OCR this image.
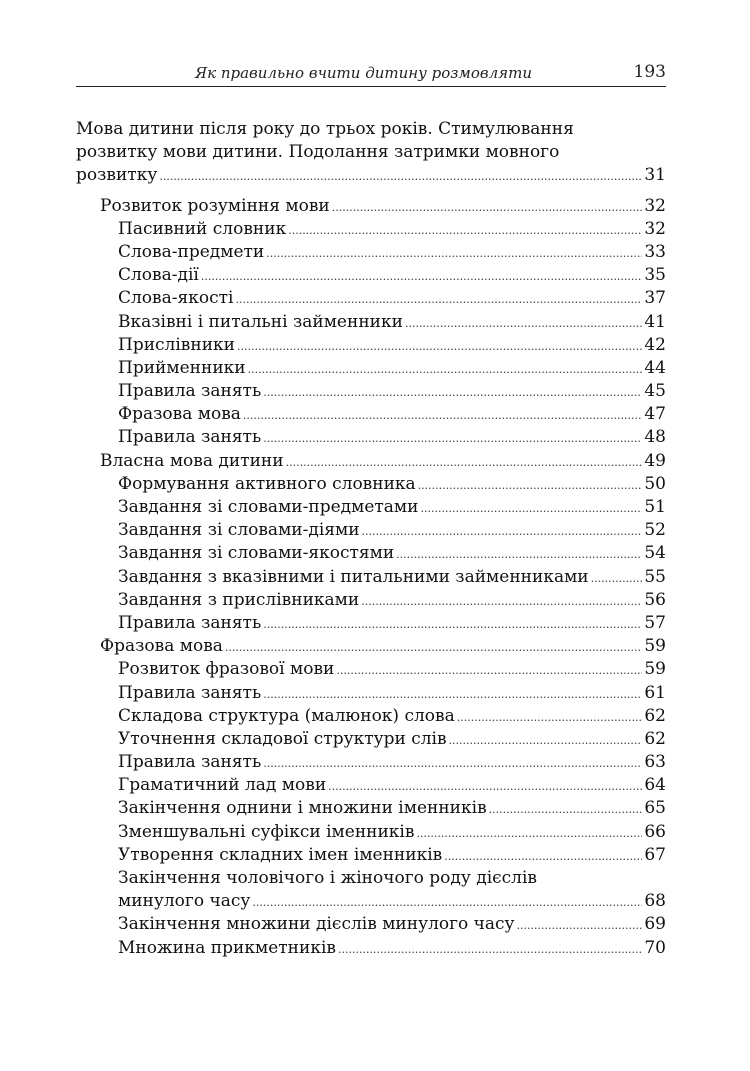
Як правильно вчити дитину розмовляти	193
Мова дитини після року до трьох років. Стимулювання
розвитку мови дитини. Подолання затримки мовного
розвитку .....	31
Розвиток розуміння мови .....	32
Пасивний словник .....	32
Слова-предмети .....	33
Слова-дії .....	35
Слова-якості .....	37
Вказівні і питальні займенники .....	41
Прислівники .....	42
Прийменники .....	44
Правила занять .....	45
Фразова мова .....	47
Правила занять .....	48
Власна мова дитини .....	49
Формування активного словника .....	50
Завдання зі словами-предметами .....	51
Завдання зі словами-діями .....	52
Завдання зі словами-якостями .....	54
Завдання з вказівними і питальними займенниками .....	55
Завдання з прислівниками .....	56
Правила занять .....	57
Фразова мова .....	59
Розвиток фразової мови .....	59
Правила занять .....	61
Складова структура (малюнок) слова .....	62
Уточнення складової структури слів .....	62
Правила занять .....	63
Граматичний лад мови .....	64
Закінчення однини і множини іменників .....	65
Зменшувальні суфікси іменників .....	66
Утворення складних імен іменників .....	67
Закінчення чоловічого і жіночого роду дієслів
минулого часу .....	68
Закінчення множини дієслів минулого часу .....	69
Множина прикметників .....	70
